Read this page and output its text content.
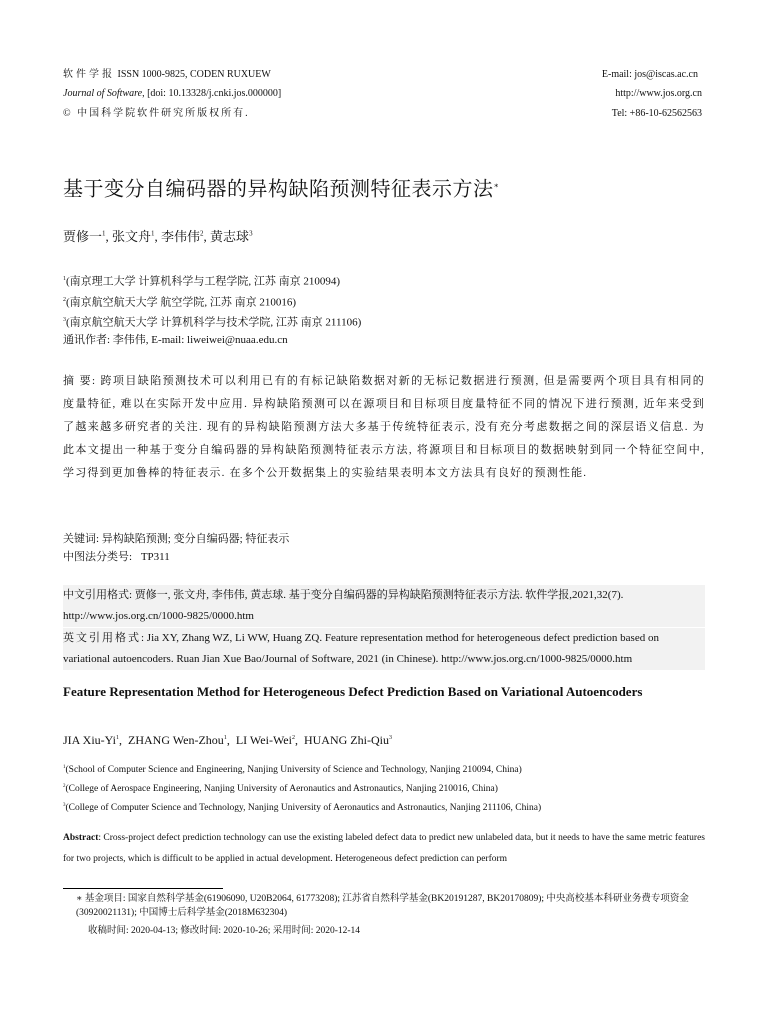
软件学报 ISSN 1000-9825, CODEN RUXUEW
Journal of Software, [doi: 10.13328/j.cnki.jos.000000]
© 中国科学院软件研究所版权所有.
E-mail: jos@iscas.ac.cn
http://www.jos.org.cn
Tel: +86-10-62562563
基于变分自编码器的异构缺陷预测特征表示方法∗
贾修一$^1$, 张文舟$^1$, 李伟伟$^2$, 黄志球$^3$
$^1$(南京理工大学 计算机科学与工程学院, 江苏 南京 210094)
$^2$(南京航空航天大学 航空学院, 江苏 南京 210016)
$^3$(南京航空航天大学 计算机科学与技术学院, 江苏 南京 211106)
通讯作者: 李伟伟, E-mail: liweiwei@nuaa.edu.cn
摘 要: 跨项目缺陷预测技术可以利用已有的有标记缺陷数据对新的无标记数据进行预测, 但是需要两个项目具有相同的度量特征, 难以在实际开发中应用. 异构缺陷预测可以在源项目和目标项目度量特征不同的情况下进行预测, 近年来受到了越来越多研究者的关注. 现有的异构缺陷预测方法大多基于传统特征表示, 没有充分考虑数据之间的深层语义信息. 为此本文提出一种基于变分自编码器的异构缺陷预测特征表示方法, 将源项目和目标项目的数据映射到同一个特征空间中, 学习得到更加鲁棒的特征表示. 在多个公开数据集上的实验结果表明本文方法具有良好的预测性能.
关键词: 异构缺陷预测; 变分自编码器; 特征表示
中图法分类号: TP311
中文引用格式: 贾修一, 张文舟, 李伟伟, 黄志球. 基于变分自编码器的异构缺陷预测特征表示方法. 软件学报,2021,32(7). http://www.jos.org.cn/1000-9825/0000.htm
英文引用格式: Jia XY, Zhang WZ, Li WW, Huang ZQ. Feature representation method for heterogeneous defect prediction based on variational autoencoders. Ruan Jian Xue Bao/Journal of Software, 2021 (in Chinese). http://www.jos.org.cn/1000-9825/0000.htm
Feature Representation Method for Heterogeneous Defect Prediction Based on Variational Autoencoders
JIA Xiu-Yi$^1$,  ZHANG Wen-Zhou$^1$,  LI Wei-Wei$^2$,  HUANG Zhi-Qiu$^3$
$^1$(School of Computer Science and Engineering, Nanjing University of Science and Technology, Nanjing 210094, China)
$^2$(College of Aerospace Engineering, Nanjing University of Aeronautics and Astronautics, Nanjing 210016, China)
$^3$(College of Computer Science and Technology, Nanjing University of Aeronautics and Astronautics, Nanjing 211106, China)
Abstract: Cross-project defect prediction technology can use the existing labeled defect data to predict new unlabeled data, but it needs to have the same metric features for two projects, which is difficult to be applied in actual development. Heterogeneous defect prediction can perform
∗ 基金项目: 国家自然科学基金(61906090, U20B2064, 61773208); 江苏省自然科学基金(BK20191287, BK20170809); 中央高校基本科研业务费专项资金(30920021131); 中国博士后科学基金(2018M632304)
收稿时间: 2020-04-13; 修改时间: 2020-10-26; 采用时间: 2020-12-14
